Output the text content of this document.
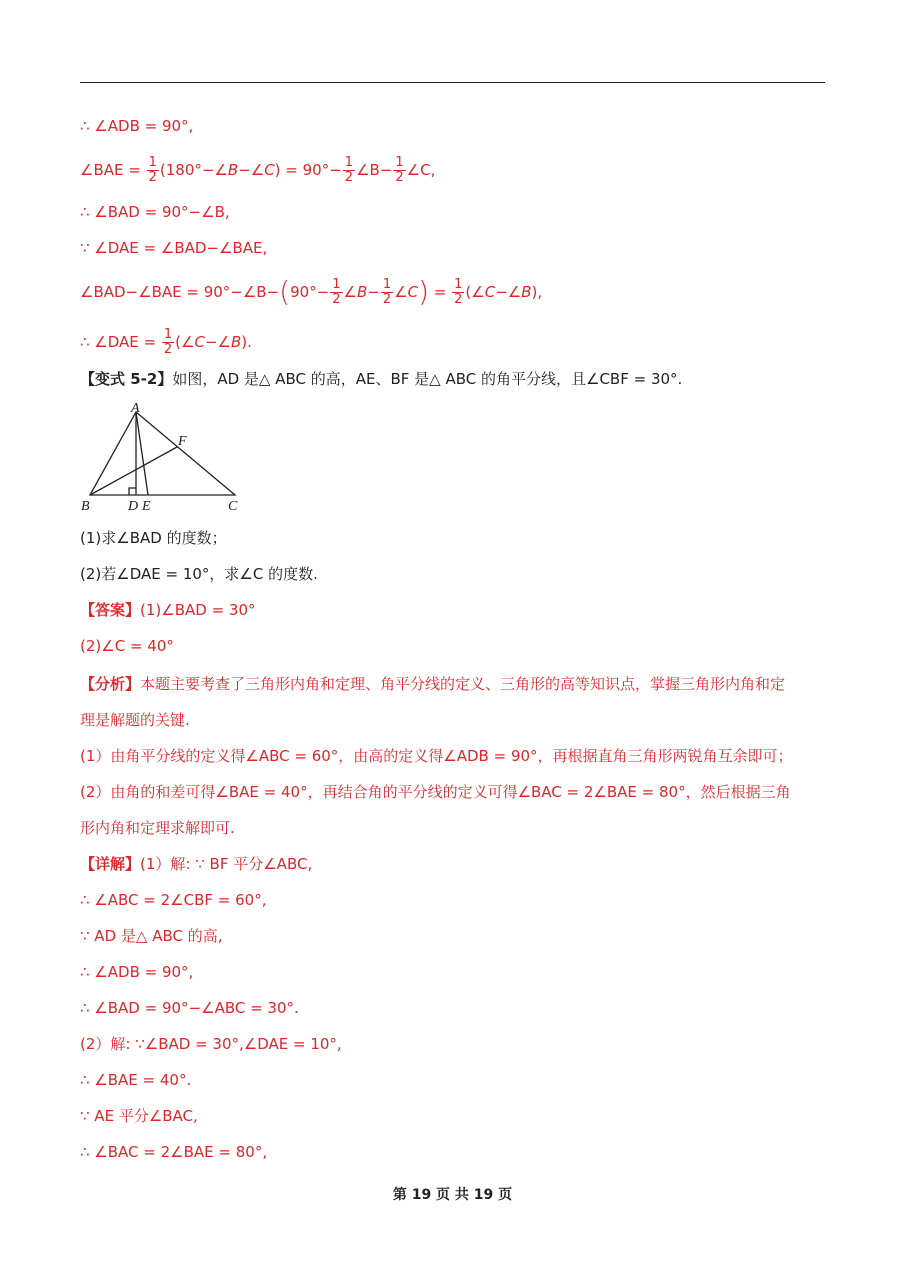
∴ ∠ADB = 90°,
∠BAE = $\frac{1}{2}$ (180°−∠B−∠C) = $90^\circ- \frac{1}{2}$ ∠B− $\frac{1}{2}$ ∠C,
∴ ∠BAD = 90°−∠B,
∵ ∠DAE = ∠BAD−∠BAE,
∠BAD−∠BAE = 90°−∠B−(90°− $\frac{1}{2}$ ∠B− $\frac{1}{2}$ ∠C) = $\frac{1}{2}$ (∠C−∠B),
∴ ∠DAE = $\frac{1}{2}$ (∠C−∠B).
【变式 5-2】如图，AD 是△ ABC 的高，AE、BF 是△ ABC 的角平分线，且∠CBF = 30°.
A
B	C
D E
F
(1)求∠BAD 的度数；
(2)若∠DAE = 10°，求∠C 的度数.
【答案】(1)∠BAD = 30°
(2)∠C = 40°
【分析】本题主要考查了三角形内角和定理、角平分线的定义、三角形的高等知识点，掌握三角形内角和定
理是解题的关键.
(1）由角平分线的定义得∠ABC = 60°，由高的定义得∠ADB = 90°，再根据直角三角形两锐角互余即可；
(2）由角的和差可得∠BAE = 40°，再结合角的平分线的定义可得∠BAC = 2∠BAE = 80°，然后根据三角
形内角和定理求解即可.
【详解】(1）解: ∵ BF 平分∠ABC,
∴ ∠ABC = 2∠CBF = 60°,
∵ AD 是△ ABC 的高,
∴ ∠ADB = 90°,
∴ ∠BAD = 90°−∠ABC = 30°.
(2）解: ∵∠BAD = 30°,∠DAE = 10°,
∴ ∠BAE = 40°.
∵ AE 平分∠BAC,
∴ ∠BAC = 2∠BAE = 80°,
第 19 页 共 19 页
